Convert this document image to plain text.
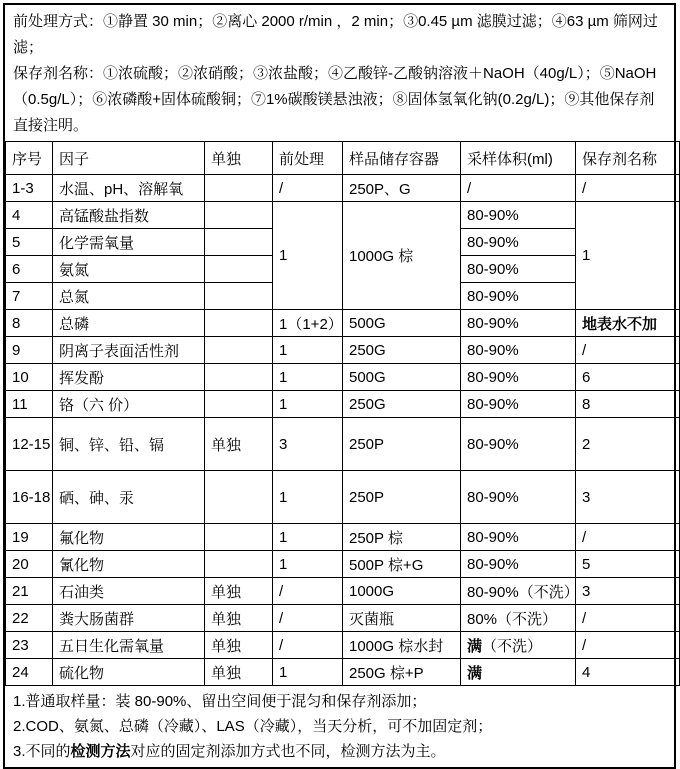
前处理方式：①静置 30 min；②离心 2000 r/min ，2 min；③0.45 µm 滤膜过滤；④63 µm 筛网过滤；

保存剂名称：①浓硫酸；②浓硝酸；③浓盐酸；④乙酸锌-乙酸钠溶液＋NaOH（40g/L）；⑤NaOH（0.5g/L）；⑥浓磷酸+固体硫酸铜；⑦1%碳酸镁悬浊液；⑧固体氢氧化钠(0.2g/L)；⑨其他保存剂直接注明。

序号	因子	单独	前处理	样品储存容器	采样体积(ml)	保存剂名称
1-3	水温、pH、溶解氧		/	250P、G	/	/
4	高锰酸盐指数		1	1000G 棕	80-90%	1
5	化学需氧量				80-90%	
6	氨氮				80-90%	
7	总氮				80-90%	
8	总磷		1（1+2）	500G	80-90%	地表水不加
9	阴离子表面活性剂		1	250G	80-90%	/
10	挥发酚		1	500G	80-90%	6
11	铬（六 价）		1	250G	80-90%	8
12-15	铜、锌、铅、镉	单独	3	250P	80-90%	2
16-18	硒、砷、汞		1	250P	80-90%	3
19	氟化物		1	250P 棕	80-90%	/
20	氰化物		1	500P 棕+G	80-90%	5
21	石油类	单独	/	1000G	80-90%（不洗）	3
22	粪大肠菌群	单独	/	灭菌瓶	80%（不洗）	/
23	五日生化需氧量	单独	/	1000G 棕水封	满（不洗）	/
24	硫化物	单独	1	250G 棕+P	满	4

1.普通取样量：装 80-90%、留出空间便于混匀和保存剂添加；

2.COD、氨氮、总磷（冷藏）、LAS（冷藏），当天分析，可不加固定剂；

3.不同的检测方法对应的固定剂添加方式也不同，检测方法为主。
